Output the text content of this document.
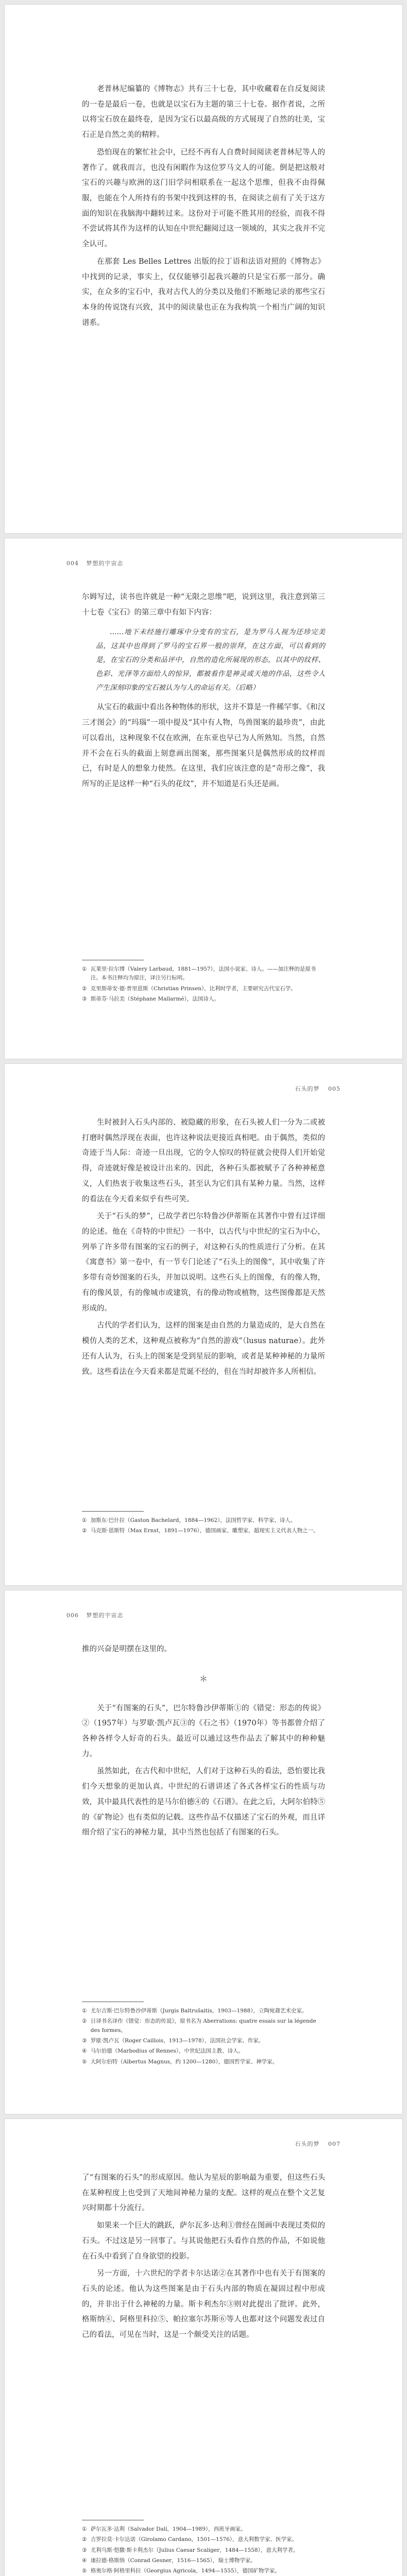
老普林尼编纂的《博物志》共有三十七卷，其中收藏着在自反复阅读的一卷是最后一卷，也就是以宝石为主题的第三十七卷。据作者说，之所以将宝石放在最终卷，是因为宝石以最高级的方式展现了自然的壮美，宝石正是自然之美的精粹。

恐怕现在的繁忙社会中，已经不再有人自费时间阅读老普林尼等人的著作了。就我而言，也没有闲暇作为这位罗马文人的可能。倒是把这般对宝石的兴趣与欧洲的这门旧学问相联系在一起这个思维，但我不由得佩服，也能在个人所持有的书架中找到这样的书，在阅读之前有了关于这方面的知识在我脑海中翻转过来。这份对于可能不胜其用的经验，而我不得不尝试将其作为这样的认知在中世纪翻阅过这一领域的，其实之我并不完全认可。

在那套 Les Belles Lettres 出版的拉丁语和法语对照的《博物志》中找到的记录，事实上，仅仅能够引起我兴趣的只是宝石那一部分。确实，在众多的宝石中，我对古代人的分类以及他们不断地记录的那些宝石本身的传说饶有兴致，其中的阅读量也正在为我构筑一个相当广阔的知识谱系。

004 梦想的宇宙志

尔姆写过，读书也许就是一种“无限之思维”吧，说到这里，我注意到第三十七卷《宝石》的第三章中有如下内容：

……地下未经施行雕琢中分变有的宝石，是为罗马人视为还珍完美品，这其中也得到了罗马的宝石界一般的崇拜，在这方面，可以看到的是，在宝石的分类和品评中，自然的造化所展现的形态，以其中的纹样、色彩、光泽等方面给人的惊异，都被看作是神灵或天地的作品，这些令人产生深刻印象的宝石被认为与人的命运有关。（后略）

从宝石的截面中看出各种物体的形状，这并不算是一件稀罕事。《和汉三才图会》的“玛瑙”一项中提及“其中有人物，鸟兽图案的最珍贵”，由此可以看出，这种现象不仅在欧洲，在东亚也早已为人所熟知。当然，自然并不会在石头的截面上刻意画出图案，那些图案只是偶然形成的纹样而已，有时是人的想象力使然。在这里，我们应该注意的是“奇形之像”，我所写的正是这样一种“石头的花纹”，并不知道是石头还是画。

① 瓦莱里·拉尔博（Valery Larbaud，1881—1957），法国小说家、诗人。——加注释的是原书注。本书注释均为原注，译注另行标明。
② 克里斯蒂安·德·普里恩斯（Christian Prinsen），比利时学者，主要研究古代宝石学。
③ 斯蒂芬·马拉美（Stéphane Mallarmé），法国诗人。
石头的梦 005

生时被封入石头内部的、被隐藏的形象，在石头被人们一分为二或被打磨时偶然浮现在表面，也许这种说法更接近真相吧。由于偶然，类似的奇迹于当人际：奇迹一旦出现，它的令人惊叹的特征就会使得人们开始觉得，奇迹就好像是被设计出来的。因此，各种石头都被赋予了各种神秘意义，人们热衷于收集这些石头，甚至认为它们具有某种力量。当然，这样的看法在今天看来似乎有些可笑。

关于“石头的梦”，已故学者巴尔特鲁沙伊蒂斯在其著作中曾有过详细的论述。他在《奇特的中世纪》一书中，以古代与中世纪的宝石为中心，列举了许多带有图案的宝石的例子，对这种石头的性质进行了分析。在其《寓意书》第一卷中，有一节专门论述了“石头上的图像”，其中收集了许多带有奇妙图案的石头，并加以说明。这些石头上的图像，有的像人物，有的像风景，有的像城市或建筑，有的像动物或植物，这些图像都是天然形成的。

古代的学者们认为，这样的图案是由自然的力量造成的，是大自然在模仿人类的艺术，这种观点被称为“自然的游戏”（lusus naturae）。此外还有人认为，石头上的图案是受到星辰的影响，或者是某种神秘的力量所致。这些看法在今天看来都是荒诞不经的，但在当时却被许多人所相信。

① 加斯东·巴什拉（Gaston Bachelard，1884—1962），法国哲学家、科学家、诗人。
② 马克斯·恩斯特（Max Ernst，1891—1976），德国画家、雕塑家，超现实主义代表人物之一。
006 梦想的宇宙志

推的兴奋是明摆在这里的。

＊

关于“有图案的石头”，巴尔特鲁沙伊蒂斯①的《错觉：形态的传说》②（1957年）与罗歇·凯卢瓦③的《石之书》（1970年）等书都曾介绍了各种各样令人好奇的石头。最近可以通过这些作品去了解其中的种种魅力。

虽然如此，在古代和中世纪，人们对于这种石头的看法，恐怕要比我们今天想象的更加认真。中世纪的石谱讲述了各式各样宝石的性质与功效，其中最具代表性的是马尔伯德④的《石谱》。在此之后，大阿尔伯特⑤的《矿物论》也有类似的记载。这些作品不仅描述了宝石的外观，而且详细介绍了宝石的神秘力量，其中当然也包括了有图案的石头。

① 尤尔吉斯·巴尔特鲁沙伊蒂斯（Jurgis Baltrušaitis，1903—1988），立陶宛裔艺术史家。
② 日译书名译作《错觉：形态的传说》，原书名为 Aberrations: quatre essais sur la légende des formes。
③ 罗歇·凯卢瓦（Roger Caillois，1913—1978），法国社会学家、作家。
④ 马尔伯德（Marbodius of Rennes），中世纪法国主教、诗人。
⑤ 大阿尔伯特（Albertus Magnus，约 1200—1280），德国哲学家、神学家。
石头的梦 007

了“有图案的石头”的形成原因。他认为星辰的影响最为重要，但这些石头在某种程度上也受到了天地间神秘力量的支配。这样的观点在整个文艺复兴时期都十分流行。

如果来一个巨大的跳跃，萨尔瓦多·达利①曾经在图画中表现过类似的石头。不过这是另一回事了。与其说他把石头看作自然的作品，不如说他在石头中看到了自身欲望的投影。

另一方面，十六世纪的学者卡尔达诺②在其著作中也有关于有图案的石头的论述。他认为这些图案是由于石头内部的物质在凝固过程中形成的，并非出于什么神秘的力量。斯卡利杰尔③则对此提出了批评。此外，格斯纳④、阿格里科拉⑤、帕拉塞尔苏斯⑥等人也都对这个问题发表过自己的看法，可见在当时，这是一个颇受关注的话题。

① 萨尔瓦多·达利（Salvador Dalí，1904—1989），西班牙画家。
② 吉罗拉莫·卡尔达诺（Girolamo Cardano，1501—1576），意大利数学家、医学家。
③ 尤利乌斯·恺撒·斯卡利杰尔（Julius Caesar Scaliger，1484—1558），意大利学者。
④ 康拉德·格斯纳（Conrad Gesner，1516—1565），瑞士博物学家。
⑤ 格奥尔格·阿格里科拉（Georgius Agricola，1494—1555），德国矿物学家。
